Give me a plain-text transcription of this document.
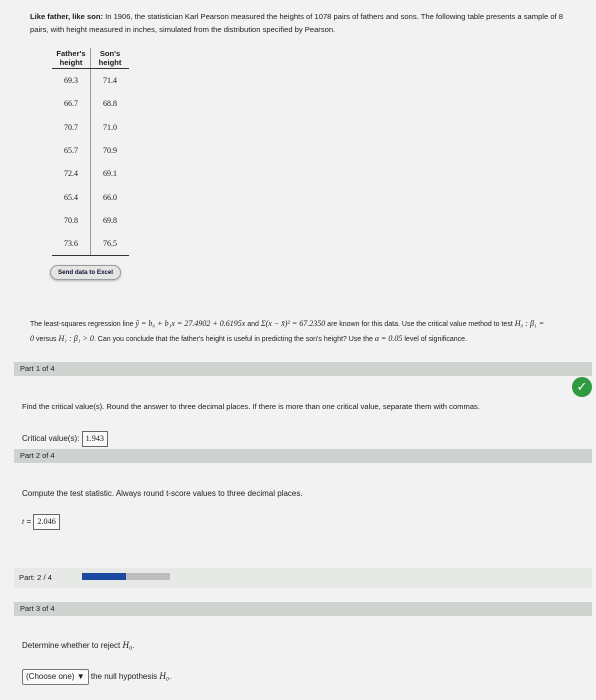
Like father, like son: In 1906, the statistician Karl Pearson measured the heights of 1078 pairs of fathers and sons. The following table presents a sample of 8 pairs, with height measured in inches, simulated from the distribution specified by Pearson.
Father's height	Son's height
69.3	71.4
66.7	68.8
70.7	71.0
65.7	70.9
72.4	69.1
65.4	66.0
70.8	69.8
73.6	76.5
Send data to Excel
The least-squares regression line ŷ = b₀ + b₁x = 27.4902 + 0.6195x and Σ(x − x̄)² = 67.2350 are known for this data. Use the critical value method to test H₀ : β₁ = 0 versus H₁ : β₁ > 0. Can you conclude that the father's height is useful in predicting the son's height? Use the α = 0.05 level of significance.
Part 1 of 4
✓
Find the critical value(s). Round the answer to three decimal places. If there is more than one critical value, separate them with commas.
Critical value(s): 1.943
Part 2 of 4
Compute the test statistic. Always round t-score values to three decimal places.
t = 2.046
Part: 2 / 4
Part 3 of 4
Determine whether to reject H₀.
(Choose one) ▼ the null hypothesis H₀.
